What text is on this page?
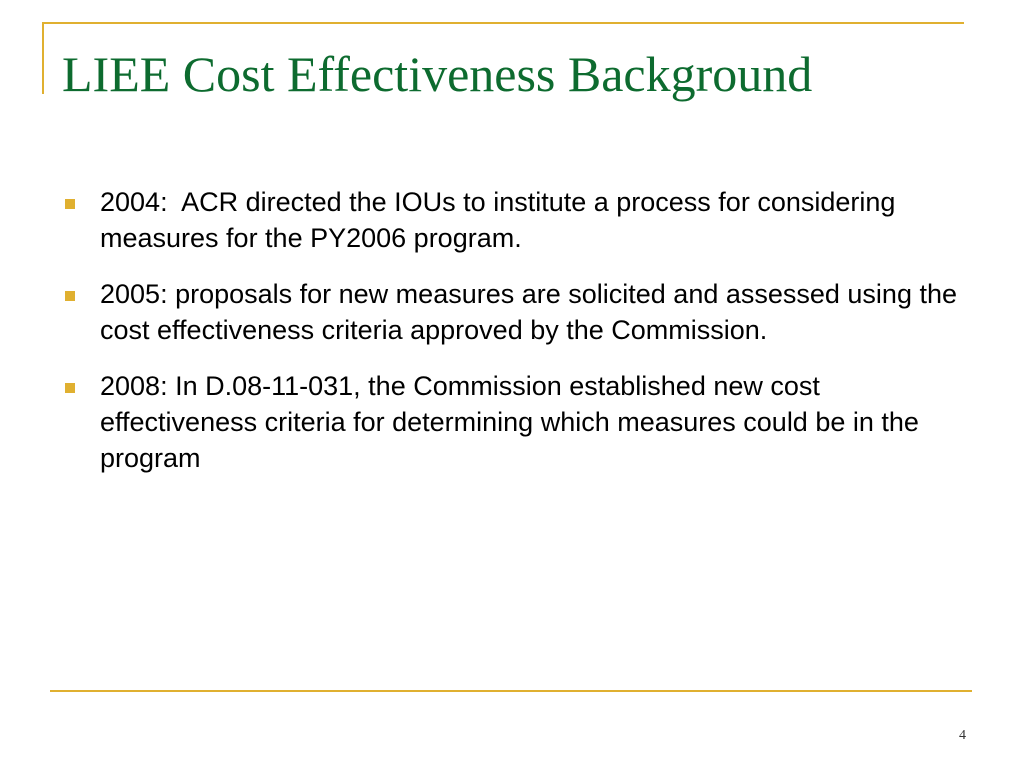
LIEE Cost Effectiveness Background
2004:  ACR directed the IOUs to institute a process for considering measures for the PY2006 program.
2005: proposals for new measures are solicited and assessed using the cost effectiveness criteria approved by the Commission.
2008: In D.08-11-031, the Commission established new cost effectiveness criteria for determining which measures could be in the program
4
